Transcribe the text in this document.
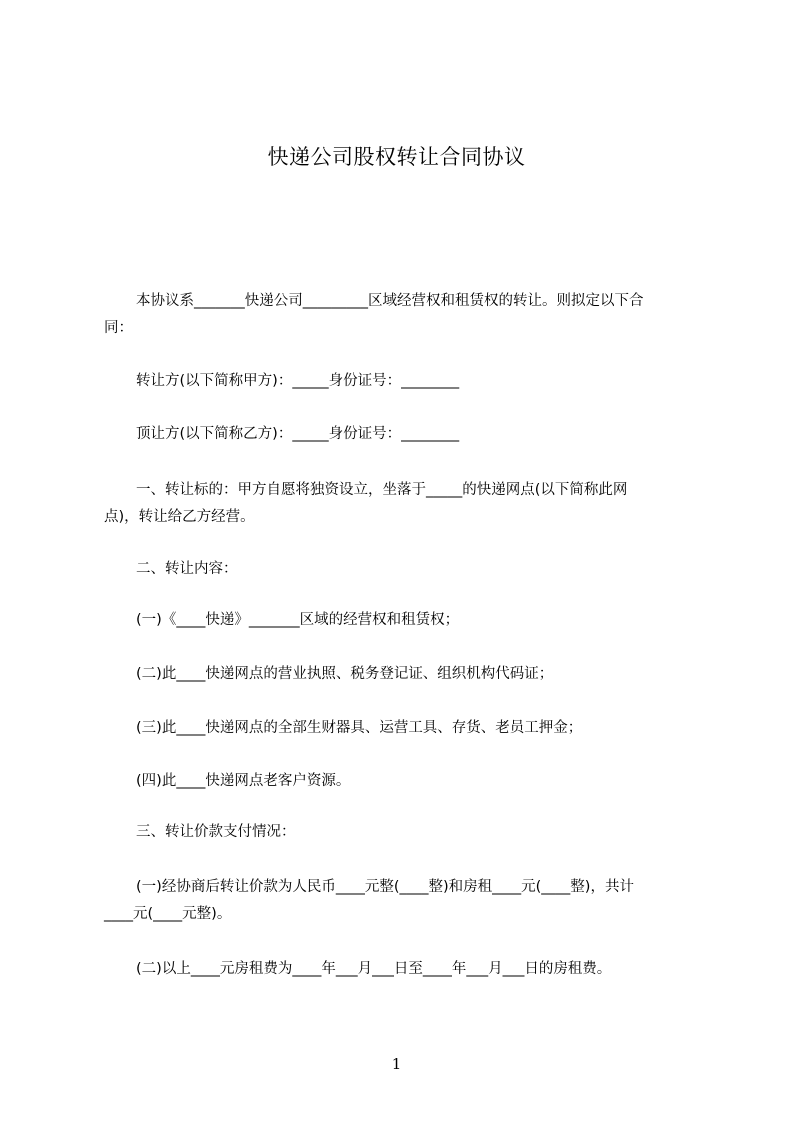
快递公司股权转让合同协议
本协议系_______快递公司_________区域经营权和租赁权的转让。则拟定以下合
同：
转让方(以下简称甲方)：_____身份证号：________
顶让方(以下简称乙方)：_____身份证号：________
一、转让标的：甲方自愿将独资设立，坐落于_____的快递网点(以下简称此网
点)，转让给乙方经营。
二、转让内容：
(一)《____快递》_______区域的经营权和租赁权；
(二)此____快递网点的营业执照、税务登记证、组织机构代码证；
(三)此____快递网点的全部生财器具、运营工具、存货、老员工押金；
(四)此____快递网点老客户资源。
三、转让价款支付情况：
(一)经协商后转让价款为人民币____元整(____整)和房租____元(____整)，共计
____元(____元整)。
(二)以上____元房租费为____年___月___日至____年___月___日的房租费。
1
